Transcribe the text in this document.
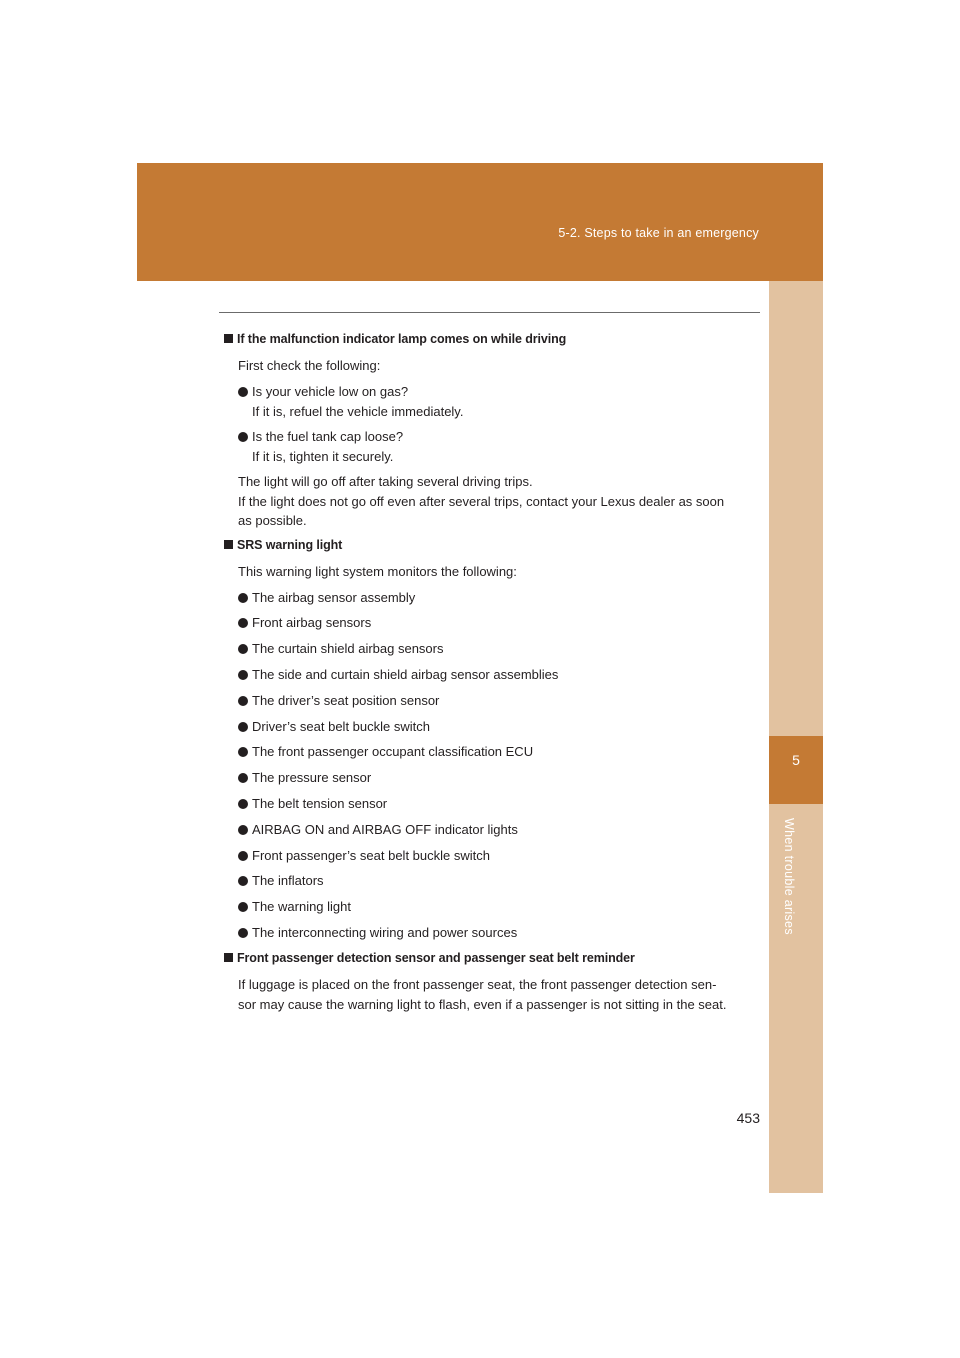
5-2. Steps to take in an emergency
5
When trouble arises
If the malfunction indicator lamp comes on while driving
First check the following:
Is your vehicle low on gas?
If it is, refuel the vehicle immediately.
Is the fuel tank cap loose?
If it is, tighten it securely.
The light will go off after taking several driving trips.
If the light does not go off even after several trips, contact your Lexus dealer as soon
as possible.
SRS warning light
This warning light system monitors the following:
The airbag sensor assembly
Front airbag sensors
The curtain shield airbag sensors
The side and curtain shield airbag sensor assemblies
The driver’s seat position sensor
Driver’s seat belt buckle switch
The front passenger occupant classification ECU
The pressure sensor
The belt tension sensor
AIRBAG ON and AIRBAG OFF indicator lights
Front passenger’s seat belt buckle switch
The inflators
The warning light
The interconnecting wiring and power sources
Front passenger detection sensor and passenger seat belt reminder
If luggage is placed on the front passenger seat, the front passenger detection sen-
sor may cause the warning light to flash, even if a passenger is not sitting in the seat.
453
